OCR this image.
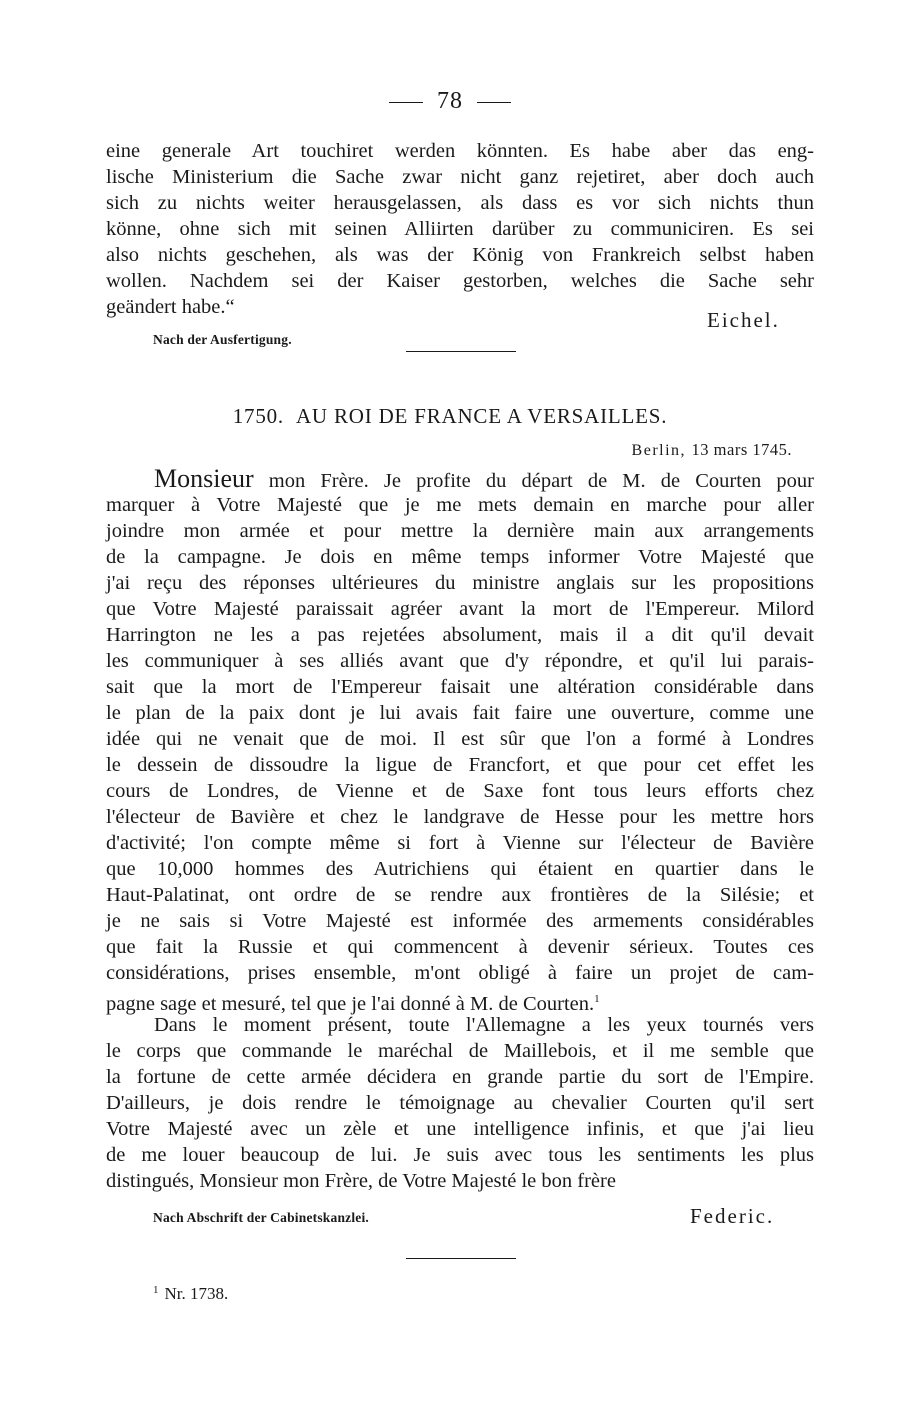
78
eine generale Art touchiret werden könnten. Es habe aber das eng-
lische Ministerium die Sache zwar nicht ganz rejetiret, aber doch auch
sich zu nichts weiter herausgelassen, als dass es vor sich nichts thun
könne, ohne sich mit seinen Alliirten darüber zu communiciren. Es sei
also nichts geschehen, als was der König von Frankreich selbst haben
wollen. Nachdem sei der Kaiser gestorben, welches die Sache sehr
geändert habe.“
Eichel.
Nach der Ausfertigung.
1750. AU ROI DE FRANCE A VERSAILLES.
Berlin, 13 mars 1745.
Monsieur mon Frère. Je profite du départ de M. de Courten pour
marquer à Votre Majesté que je me mets demain en marche pour aller
joindre mon armée et pour mettre la dernière main aux arrangements
de la campagne. Je dois en même temps informer Votre Majesté que
j'ai reçu des réponses ultérieures du ministre anglais sur les propositions
que Votre Majesté paraissait agréer avant la mort de l'Empereur. Milord
Harrington ne les a pas rejetées absolument, mais il a dit qu'il devait
les communiquer à ses alliés avant que d'y répondre, et qu'il lui parais-
sait que la mort de l'Empereur faisait une altération considérable dans
le plan de la paix dont je lui avais fait faire une ouverture, comme une
idée qui ne venait que de moi. Il est sûr que l'on a formé à Londres
le dessein de dissoudre la ligue de Francfort, et que pour cet effet les
cours de Londres, de Vienne et de Saxe font tous leurs efforts chez
l'électeur de Bavière et chez le landgrave de Hesse pour les mettre hors
d'activité; l'on compte même si fort à Vienne sur l'électeur de Bavière
que 10,000 hommes des Autrichiens qui étaient en quartier dans le
Haut-Palatinat, ont ordre de se rendre aux frontières de la Silésie; et
je ne sais si Votre Majesté est informée des armements considérables
que fait la Russie et qui commencent à devenir sérieux. Toutes ces
considérations, prises ensemble, m'ont obligé à faire un projet de cam-
pagne sage et mesuré, tel que je l'ai donné à M. de Courten.$^1$
Dans le moment présent, toute l'Allemagne a les yeux tournés vers
le corps que commande le maréchal de Maillebois, et il me semble que
la fortune de cette armée décidera en grande partie du sort de l'Empire.
D'ailleurs, je dois rendre le témoignage au chevalier Courten qu'il sert
Votre Majesté avec un zèle et une intelligence infinis, et que j'ai lieu
de me louer beaucoup de lui. Je suis avec tous les sentiments les plus
distingués, Monsieur mon Frère, de Votre Majesté le bon frère
Nach Abschrift der Cabinetskanzlei.	Federic.
$^1$ Nr. 1738.
